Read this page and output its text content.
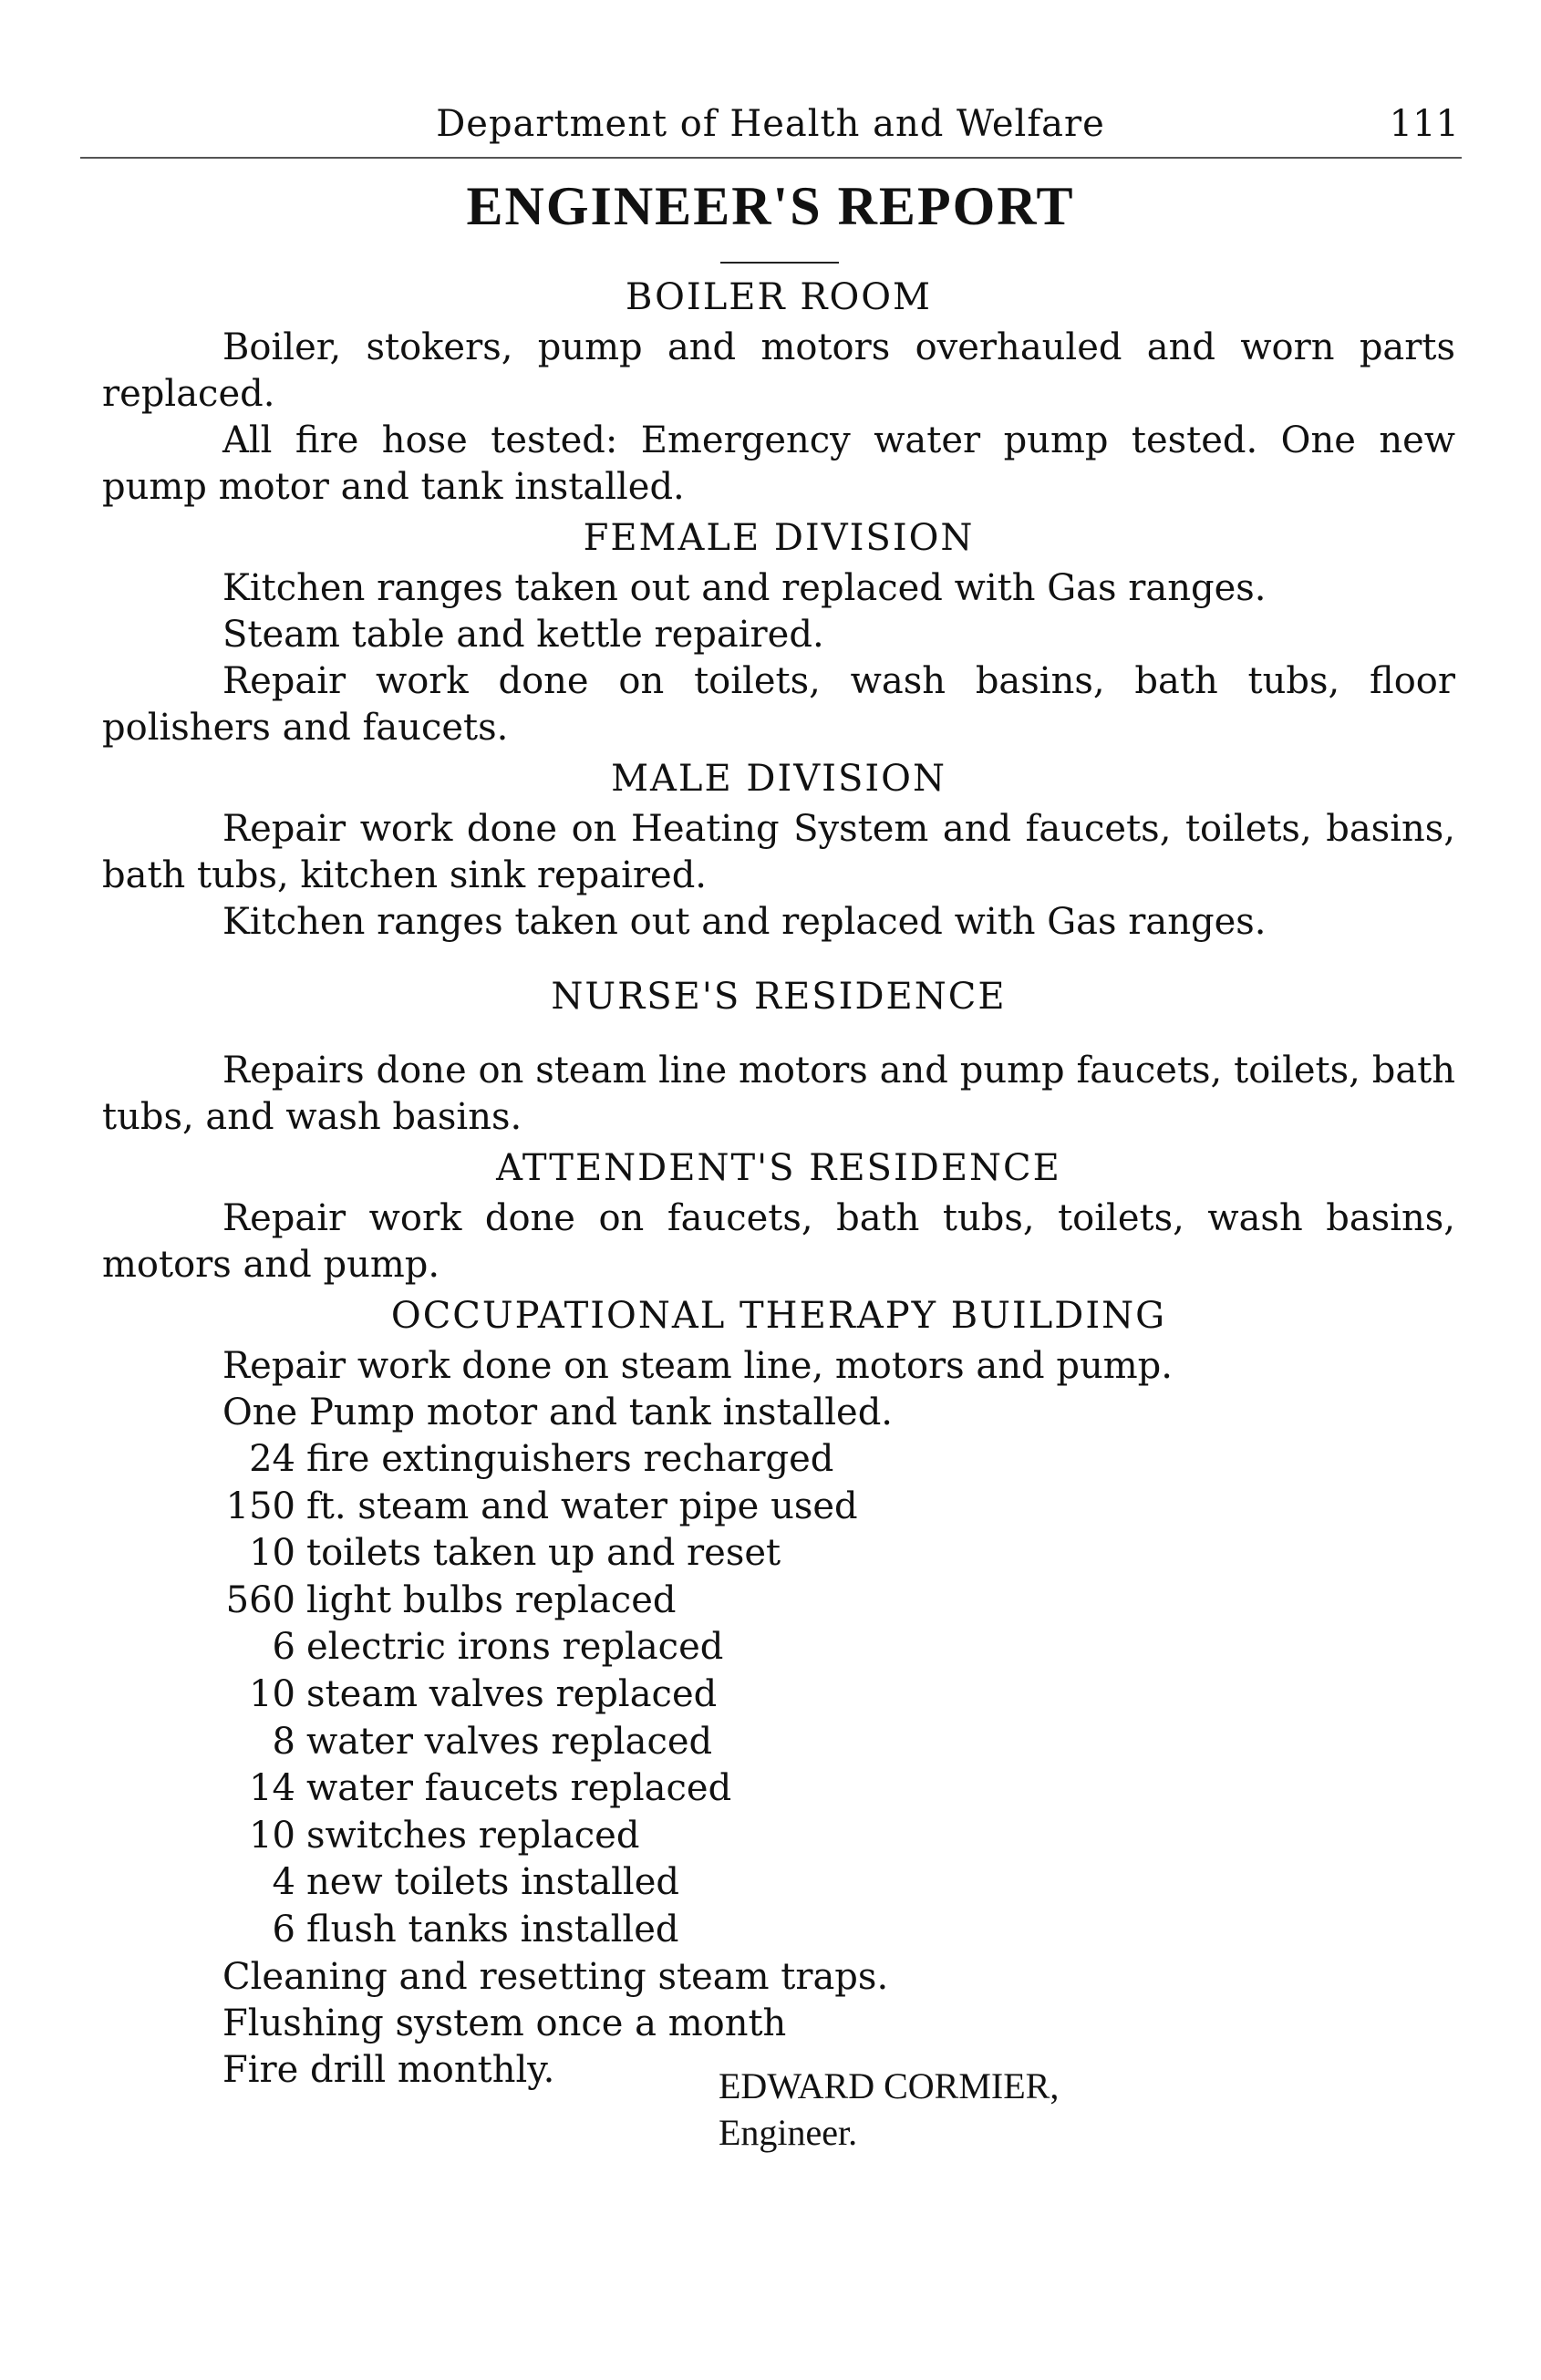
Department of Health and Welfare	111
ENGINEER'S REPORT

BOILER ROOM

Boiler, stokers, pump and motors overhauled and worn parts replaced.

All fire hose tested: Emergency water pump tested. One new pump motor and tank installed.

FEMALE DIVISION

Kitchen ranges taken out and replaced with Gas ranges.

Steam table and kettle repaired.

Repair work done on toilets, wash basins, bath tubs, floor polishers and faucets.

MALE DIVISION

Repair work done on Heating System and faucets, toilets, basins, bath tubs, kitchen sink repaired.

Kitchen ranges taken out and replaced with Gas ranges.

NURSE'S RESIDENCE

Repairs done on steam line motors and pump faucets, toilets, bath tubs, and wash basins.

ATTENDENT'S RESIDENCE

Repair work done on faucets, bath tubs, toilets, wash basins, motors and pump.

OCCUPATIONAL THERAPY BUILDING

Repair work done on steam line, motors and pump.

One Pump motor and tank installed.

24 fire extinguishers recharged
150 ft. steam and water pipe used
10 toilets taken up and reset
560 light bulbs replaced
6 electric irons replaced
10 steam valves replaced
8 water valves replaced
14 water faucets replaced
10 switches replaced
4 new toilets installed
6 flush tanks installed

Cleaning and resetting steam traps.

Flushing system once a month

Fire drill monthly.	EDWARD CORMIER,

Engineer.
